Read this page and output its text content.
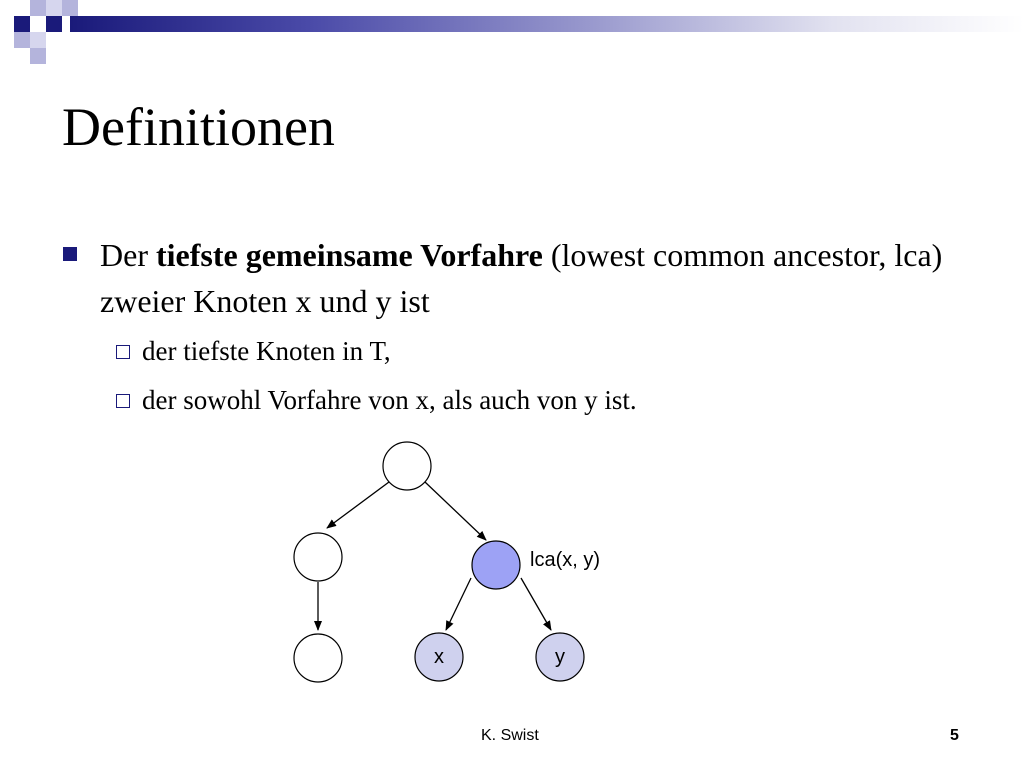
Definitionen
Der tiefste gemeinsame Vorfahre (lowest common ancestor, lca) zweier Knoten x und y ist
der tiefste Knoten in T,
der sowohl Vorfahre von x, als auch von y ist.
x	y
lca(x, y)
K. Swist	5
